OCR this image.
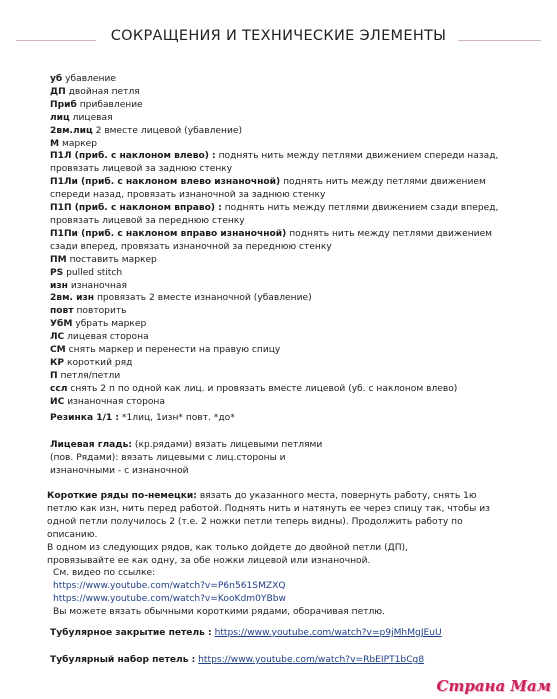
СОКРАЩЕНИЯ И ТЕХНИЧЕСКИЕ ЭЛЕМЕНТЫ
уб убавление
ДП двойная петля
Приб прибавление
лиц лицевая
2вм.лиц 2 вместе лицевой (убавление)
М маркер
П1Л (приб. с наклоном влево) : поднять нить между петлями движением спереди назад,
провязать лицевой за заднюю стенку
П1Ли (приб. с наклоном влево изнаночной) поднять нить между петлями движением
спереди назад, провязать изнаночной за заднюю стенку
П1П (приб. с наклоном вправо) : поднять нить между петлями движением сзади вперед,
провязать лицевой за переднюю стенку
П1Пи (приб. с наклоном вправо изнаночной) поднять нить между петлями движением
сзади вперед, провязать изнаночной за переднюю стенку
ПМ поставить маркер
PS pulled stitch
изн изнаночная
2вм. изн провязать 2 вместе изнаночной (убавление)
повт повторить
УбМ убрать маркер
ЛС лицевая сторона
СМ снять маркер и перенести на правую спицу
КР короткий ряд
П петля/петли
ссл снять 2 п по одной как лиц. и провязать вместе лицевой (уб. с наклоном влево)
ИС изнаночная сторона
Резинка 1/1 : *1лиц, 1изн* повт. *до*
Лицевая гладь: (кр.рядами) вязать лицевыми петлями
(пов. Рядами): вязать лицевыми с лиц.стороны и
изнаночными - с изнаночной
Короткие ряды по-немецки: вязать до указанного места, повернуть работу, снять 1ю
петлю как изн, нить перед работой. Поднять нить и натянуть ее через спицу так, чтобы из
одной петли получилось 2 (т.е. 2 ножки петли теперь видны). Продолжить работу по
описанию.
В одном из следующих рядов, как только дойдете до двойной петли (ДП),
провязывайте ее как одну, за обе ножки лицевой или изнаночной.
См. видео по ссылке:
https://www.youtube.com/watch?v=P6n561SMZXQ
https://www.youtube.com/watch?v=KooKdm0YBbw
Вы можете вязать обычными короткими рядами, оборачивая петлю.
Тубулярное закрытие петель : https://www.youtube.com/watch?v=p9jMhMgJEuU
Тубулярный набор петель : https://www.youtube.com/watch?v=RbEIPT1bCg8
Страна Мам
